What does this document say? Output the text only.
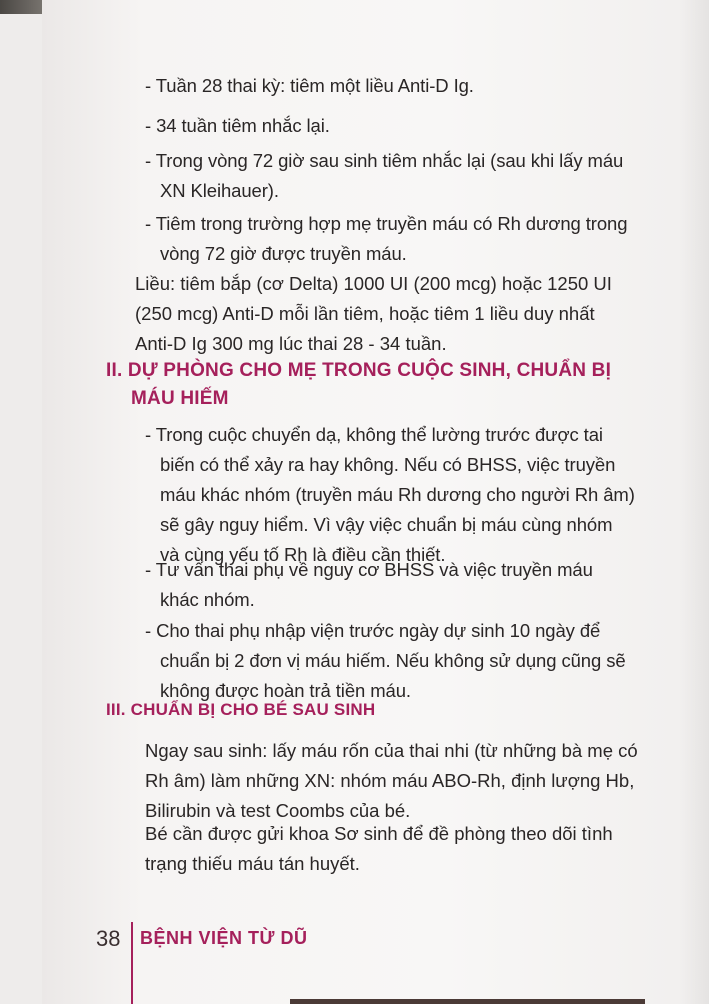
- Tuần 28 thai kỳ: tiêm một liều Anti-D Ig.
- 34 tuần tiêm nhắc lại.
- Trong vòng 72 giờ sau sinh tiêm nhắc lại (sau khi lấy máu
XN Kleihauer).
- Tiêm trong trường hợp mẹ truyền máu có Rh dương trong
vòng 72 giờ được truyền máu.
Liều: tiêm bắp (cơ Delta) 1000 UI (200 mcg) hoặc 1250 UI
(250 mcg) Anti-D mỗi lần tiêm, hoặc tiêm 1 liều duy nhất
Anti-D Ig 300 mg lúc thai 28 - 34 tuần.
II. DỰ PHÒNG CHO MẸ TRONG CUỘC SINH, CHUẨN BỊ
MÁU HIẾM
- Trong cuộc chuyển dạ, không thể lường trước được tai
biến có thể xảy ra hay không. Nếu có BHSS, việc truyền
máu khác nhóm (truyền máu Rh dương cho người Rh âm)
sẽ gây nguy hiểm. Vì vậy việc chuẩn bị máu cùng nhóm
và cùng yếu tố Rh là điều cần thiết.
- Tư vấn thai phụ về nguy cơ BHSS và việc truyền máu
khác nhóm.
- Cho thai phụ nhập viện trước ngày dự sinh 10 ngày để
chuẩn bị 2 đơn vị máu hiếm. Nếu không sử dụng cũng sẽ
không được hoàn trả tiền máu.
III. CHUẨN BỊ CHO BÉ SAU SINH
Ngay sau sinh: lấy máu rốn của thai nhi (từ những bà mẹ có
Rh âm) làm những XN: nhóm máu ABO-Rh, định lượng Hb,
Bilirubin và test Coombs của bé.
Bé cần được gửi khoa Sơ sinh để đề phòng theo dõi tình
trạng thiếu máu tán huyết.
38 BỆNH VIỆN TỪ DŨ
